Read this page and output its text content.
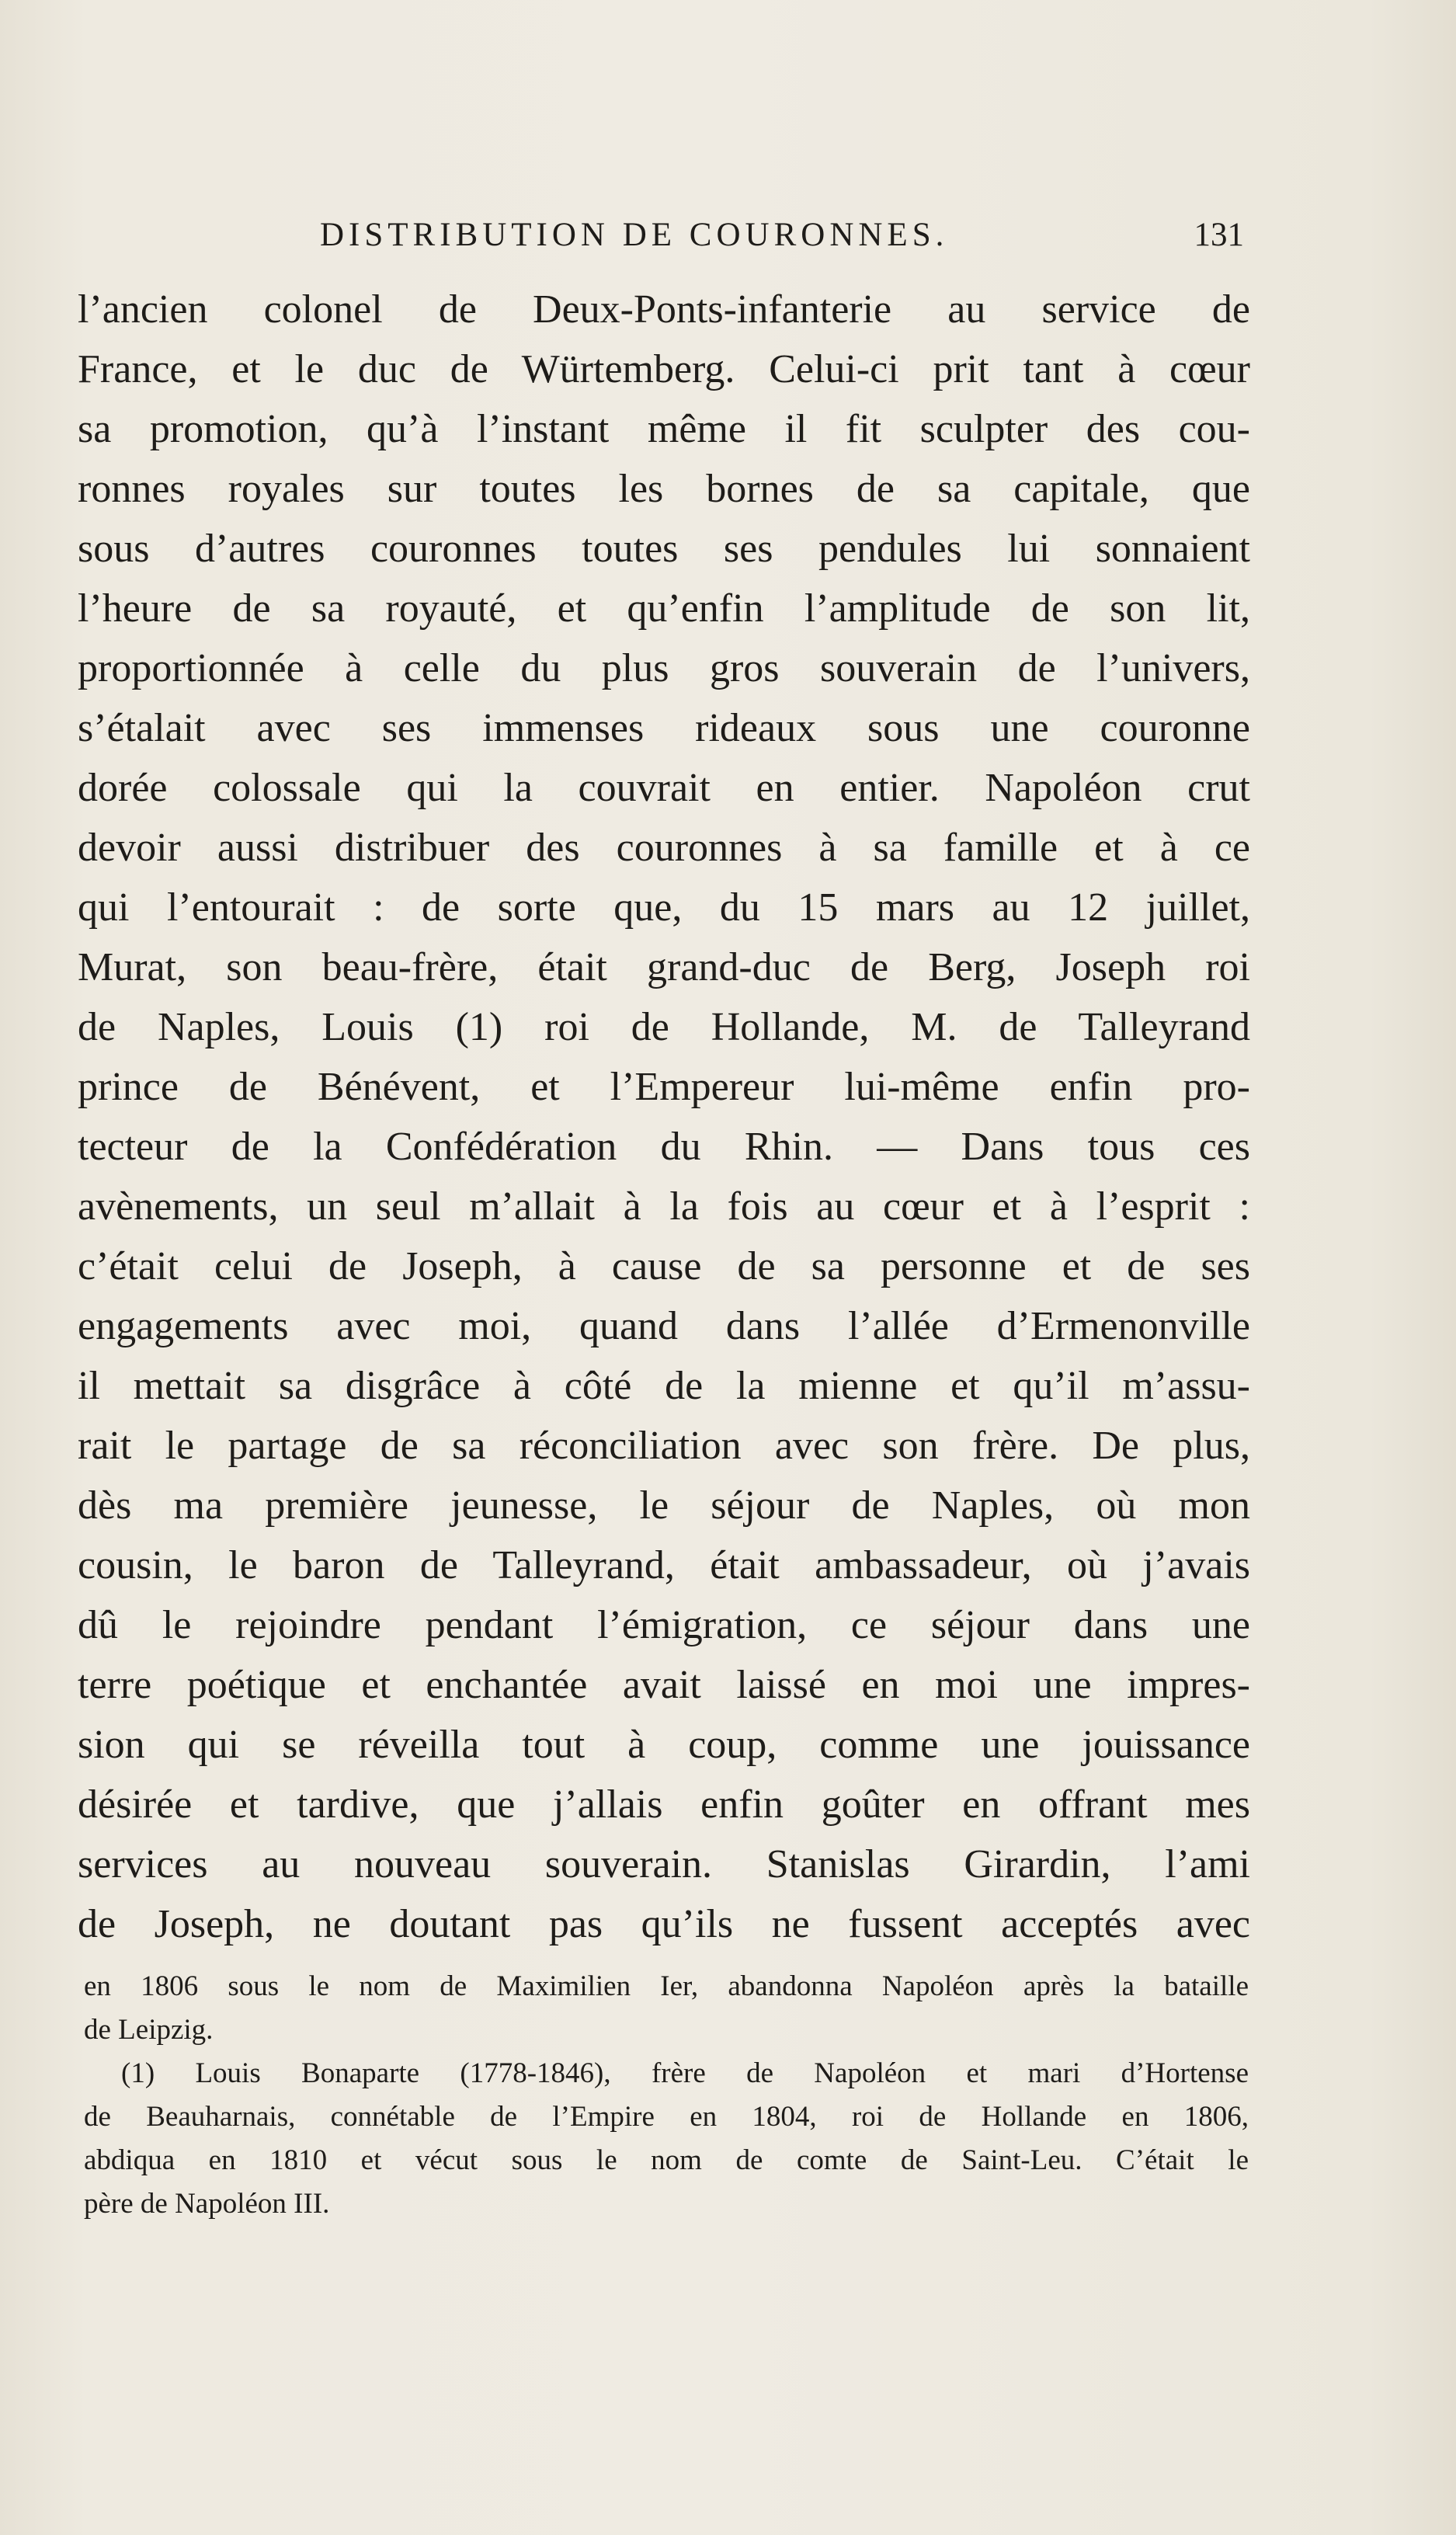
DISTRIBUTION DE COURONNES.	131
l’ancien colonel de Deux-Ponts-infanterie au service de
France, et le duc de Würtemberg. Celui-ci prit tant à cœur
sa promotion, qu’à l’instant même il fit sculpter des cou-
ronnes royales sur toutes les bornes de sa capitale, que
sous d’autres couronnes toutes ses pendules lui sonnaient
l’heure de sa royauté, et qu’enfin l’amplitude de son lit,
proportionnée à celle du plus gros souverain de l’univers,
s’étalait avec ses immenses rideaux sous une couronne
dorée colossale qui la couvrait en entier. Napoléon crut
devoir aussi distribuer des couronnes à sa famille et à ce
qui l’entourait : de sorte que, du 15 mars au 12 juillet,
Murat, son beau-frère, était grand-duc de Berg, Joseph roi
de Naples, Louis (1) roi de Hollande, M. de Talleyrand
prince de Bénévent, et l’Empereur lui-même enfin pro-
tecteur de la Confédération du Rhin. — Dans tous ces
avènements, un seul m’allait à la fois au cœur et à l’esprit :
c’était celui de Joseph, à cause de sa personne et de ses
engagements avec moi, quand dans l’allée d’Ermenonville
il mettait sa disgrâce à côté de la mienne et qu’il m’assu-
rait le partage de sa réconciliation avec son frère. De plus,
dès ma première jeunesse, le séjour de Naples, où mon
cousin, le baron de Talleyrand, était ambassadeur, où j’avais
dû le rejoindre pendant l’émigration, ce séjour dans une
terre poétique et enchantée avait laissé en moi une impres-
sion qui se réveilla tout à coup, comme une jouissance
désirée et tardive, que j’allais enfin goûter en offrant mes
services au nouveau souverain. Stanislas Girardin, l’ami
de Joseph, ne doutant pas qu’ils ne fussent acceptés avec
en 1806 sous le nom de Maximilien Ier, abandonna Napoléon après la bataille
de Leipzig.
(1) Louis Bonaparte (1778-1846), frère de Napoléon et mari d’Hortense
de Beauharnais, connétable de l’Empire en 1804, roi de Hollande en 1806,
abdiqua en 1810 et vécut sous le nom de comte de Saint-Leu. C’était le
père de Napoléon III.
